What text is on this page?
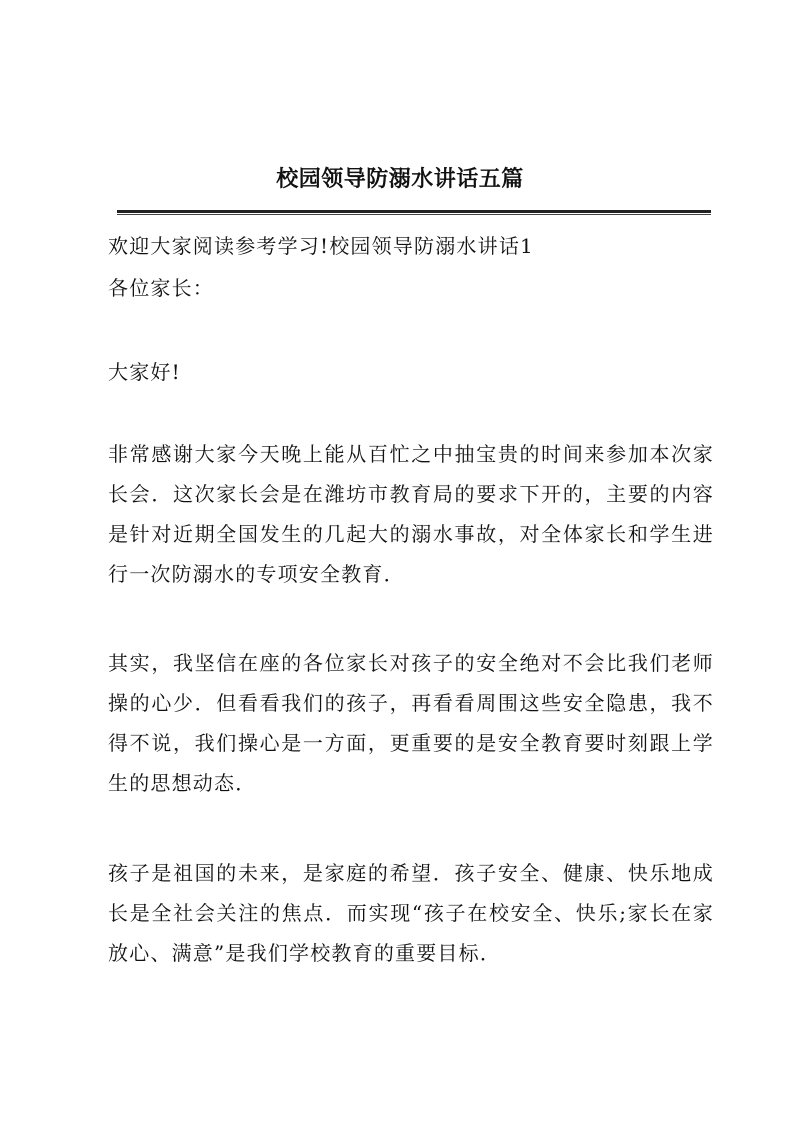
校园领导防溺水讲话五篇

欢迎大家阅读参考学习!校园领导防溺水讲话1

各位家长：

大家好!

非常感谢大家今天晚上能从百忙之中抽宝贵的时间来参加本次家长会．这次家长会是在潍坊市教育局的要求下开的，主要的内容是针对近期全国发生的几起大的溺水事故，对全体家长和学生进行一次防溺水的专项安全教育．

其实，我坚信在座的各位家长对孩子的安全绝对不会比我们老师操的心少．但看看我们的孩子，再看看周围这些安全隐患，我不得不说，我们操心是一方面，更重要的是安全教育要时刻跟上学生的思想动态．

孩子是祖国的未来，是家庭的希望．孩子安全、健康、快乐地成长是全社会关注的焦点．而实现“孩子在校安全、快乐;家长在家放心、满意”是我们学校教育的重要目标．
